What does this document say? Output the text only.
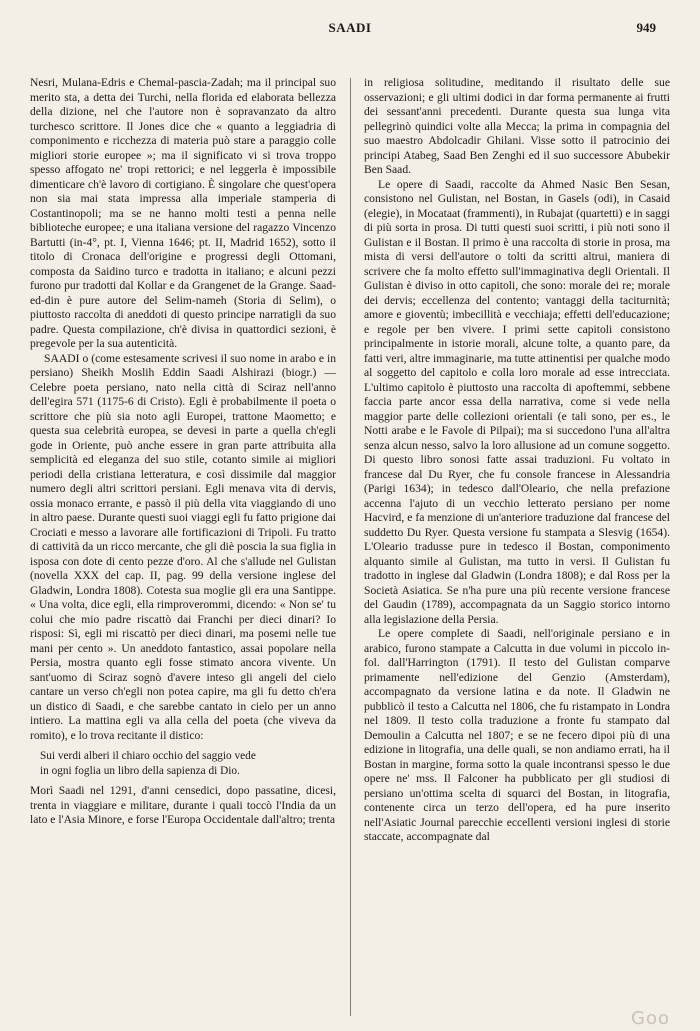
SAADI	949

Nesri, Mulana-Edris e Chemal-pascia-Zadah; ma il principal suo merito sta, a detta dei Turchi, nella florida ed elaborata bellezza della dizione, nel che l'autore non è sopravanzato da altro turchesco scrittore. Il Jones dice che « quanto a leggiadria di componimento e ricchezza di materia può stare a paraggio colle migliori storie europee »; ma il significato vi si trova troppo spesso affogato ne' tropi rettorici; e nel leggerla è impossibile dimenticare ch'è lavoro di cortigiano. È singolare che quest'opera non sia mai stata impressa alla imperiale stamperia di Costantinopoli; ma se ne hanno molti testi a penna nelle biblioteche europee; e una italiana versione del ragazzo Vincenzo Bartutti (in-4°, pt. I, Vienna 1646; pt. II, Madrid 1652), sotto il titolo di Cronaca dell'origine e progressi degli Ottomani, composta da Saidino turco e tradotta in italiano; e alcuni pezzi furono pur tradotti dal Kollar e da Grangenet de la Grange. Saad-ed-din è pure autore del Selim-nameh (Storia di Selim), o piuttosto raccolta di aneddoti di questo principe narratigli da suo padre. Questa compilazione, ch'è divisa in quattordici sezioni, è pregevole per la sua autenticità.

SAADI o (come estesamente scrivesi il suo nome in arabo e in persiano) Sheikh Moslih Eddin Saadi Alshirazi (biogr.) — Celebre poeta persiano, nato nella città di Sciraz nell'anno dell'egira 571 (1175-6 di Cristo). Egli è probabilmente il poeta o scrittore che più sia noto agli Europei, trattone Maometto; e questa sua celebrità europea, se devesi in parte a quella ch'egli gode in Oriente, può anche essere in gran parte attribuita alla semplicità ed eleganza del suo stile, cotanto simile ai migliori periodi della cristiana letteratura, e così dissimile dal maggior numero degli altri scrittori persiani. Egli menava vita di dervis, ossia monaco errante, e passò il più della vita viaggiando di uno in altro paese. Durante questi suoi viaggi egli fu fatto prigione dai Crociati e messo a lavorare alle fortificazioni di Tripoli. Fu tratto di cattività da un ricco mercante, che gli diè poscia la sua figlia in isposa con dote di cento pezze d'oro. Al che s'allude nel Gulistan (novella XXX del cap. II, pag. 99 della versione inglese del Gladwin, Londra 1808). Cotesta sua moglie gli era una Santippe. « Una volta, dice egli, ella rimproverommi, dicendo: « Non se' tu colui che mio padre riscattò dai Franchi per dieci dinari? Io risposi: Sì, egli mi riscattò per dieci dinari, ma posemi nelle tue mani per cento ». Un aneddoto fantastico, assai popolare nella Persia, mostra quanto egli fosse stimato ancora vivente. Un sant'uomo di Sciraz sognò d'avere inteso gli angeli del cielo cantare un verso ch'egli non potea capire, ma gli fu detto ch'era un distico di Saadi, e che sarebbe cantato in cielo per un anno intiero. La mattina egli va alla cella del poeta (che viveva da romito), e lo trova recitante il distico:

Sui verdi alberi il chiaro occhio del saggio vede

in ogni foglia un libro della sapienza di Dio.

Morì Saadi nel 1291, d'anni censedici, dopo passatine, dicesi, trenta in viaggiare e militare, durante i quali toccò l'India da un lato e l'Asia Minore, e forse l'Europa Occidentale dall'altro; trenta

in religiosa solitudine, meditando il risultato delle sue osservazioni; e gli ultimi dodici in dar forma permanente ai frutti dei sessant'anni precedenti. Durante questa sua lunga vita pellegrinò quindici volte alla Mecca; la prima in compagnia del suo maestro Abdolcadir Ghilani. Visse sotto il patrocinio dei principi Atabeg, Saad Ben Zenghi ed il suo successore Abubekir Ben Saad.

Le opere di Saadi, raccolte da Ahmed Nasic Ben Sesan, consistono nel Gulistan, nel Bostan, in Gasels (odi), in Casaid (elegie), in Mocataat (frammenti), in Rubajat (quartetti) e in saggi di più sorta in prosa. Di tutti questi suoi scritti, i più noti sono il Gulistan e il Bostan. Il primo è una raccolta di storie in prosa, ma mista di versi dell'autore o tolti da scritti altrui, maniera di scrivere che fa molto effetto sull'immaginativa degli Orientali. Il Gulistan è diviso in otto capitoli, che sono: morale dei re; morale dei dervis; eccellenza del contento; vantaggi della taciturnità; amore e gioventù; imbecillità e vecchiaja; effetti dell'educazione; e regole per ben vivere. I primi sette capitoli consistono principalmente in istorie morali, alcune tolte, a quanto pare, da fatti veri, altre immaginarie, ma tutte attinentisi per qualche modo al soggetto del capitolo e colla loro morale ad esse intrecciata. L'ultimo capitolo è piuttosto una raccolta di apoftemmi, sebbene faccia parte ancor essa della narrativa, come si vede nella maggior parte delle collezioni orientali (e tali sono, per es., le Notti arabe e le Favole di Pilpai); ma si succedono l'una all'altra senza alcun nesso, salvo la loro allusione ad un comune soggetto. Di questo libro sonosi fatte assai traduzioni. Fu voltato in francese dal Du Ryer, che fu console francese in Alessandria (Parigi 1634); in tedesco dall'Oleario, che nella prefazione accenna l'ajuto di un vecchio letterato persiano per nome Hacvird, e fa menzione di un'anteriore traduzione dal francese del suddetto Du Ryer. Questa versione fu stampata a Slesvig (1654). L'Oleario tradusse pure in tedesco il Bostan, componimento alquanto simile al Gulistan, ma tutto in versi. Il Gulistan fu tradotto in inglese dal Gladwin (Londra 1808); e dal Ross per la Società Asiatica. Se n'ha pure una più recente versione francese del Gaudin (1789), accompagnata da un Saggio storico intorno alla legislazione della Persia.

Le opere complete di Saadi, nell'originale persiano e in arabico, furono stampate a Calcutta in due volumi in piccolo in-fol. dall'Harrington (1791). Il testo del Gulistan comparve primamente nell'edizione del Genzio (Amsterdam), accompagnato da versione latina e da note. Il Gladwin ne pubblicò il testo a Calcutta nel 1806, che fu ristampato in Londra nel 1809. Il testo colla traduzione a fronte fu stampato dal Demoulin a Calcutta nel 1807; e se ne fecero dipoi più di una edizione in litografia, una delle quali, se non andiamo errati, ha il Bostan in margine, forma sotto la quale incontransi spesso le due opere ne' mss. Il Falconer ha pubblicato per gli studiosi di persiano un'ottima scelta di squarci del Bostan, in litografia, contenente circa un terzo dell'opera, ed ha pure inserito nell'Asiatic Journal parecchie eccellenti versioni inglesi di storie staccate, accompagnate dal

Goo
